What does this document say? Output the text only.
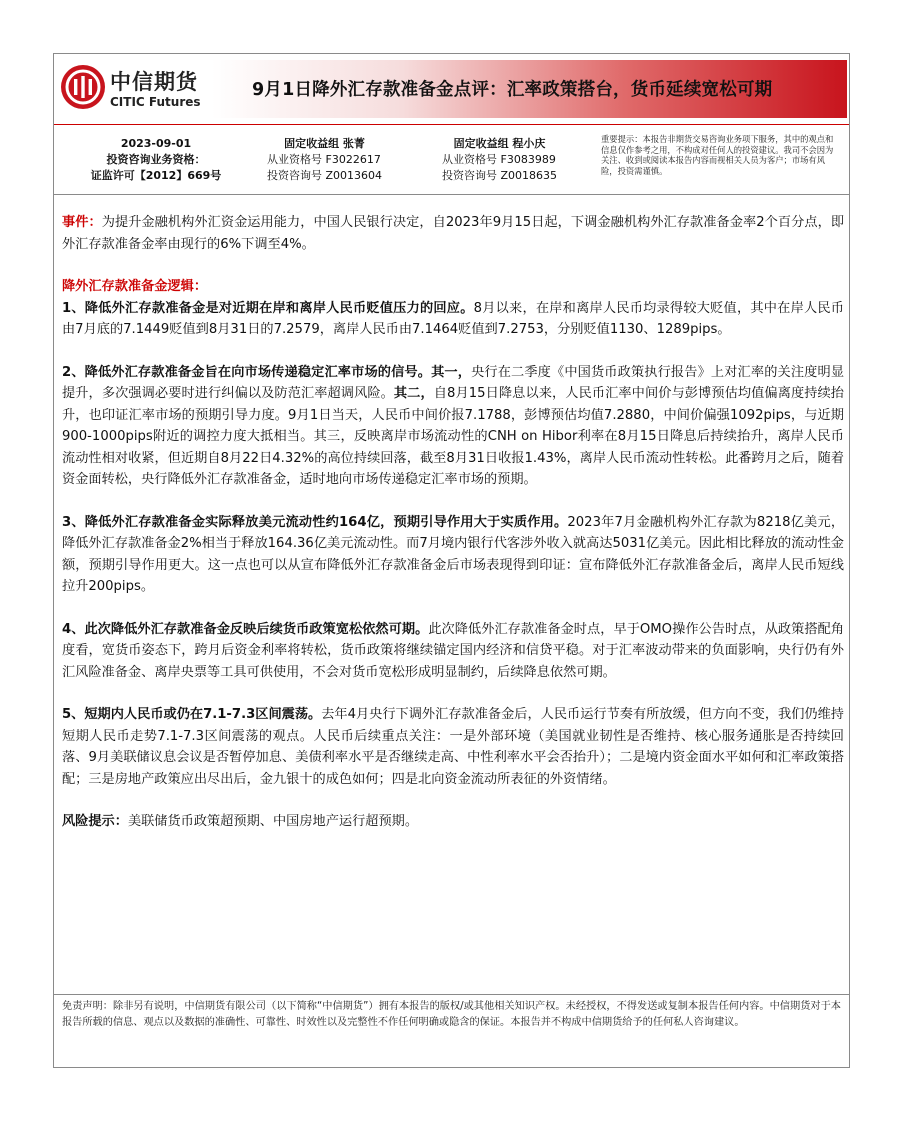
中信期货
CITIC Futures
9月1日降外汇存款准备金点评：汇率政策搭台，货币延续宽松可期
2023-09-01
投资咨询业务资格：
证监许可【2012】669号
固定收益组 张菁
从业资格号 F3022617
投资咨询号 Z0013604
固定收益组 程小庆
从业资格号 F3083989
投资咨询号 Z0018635
重要提示：本报告非期货交易咨询业务项下服务，其中的观点和信息仅作参考之用，不构成对任何人的投资建议。我司不会因为关注、收到或阅读本报告内容而视相关人员为客户；市场有风险，投资需谨慎。

事件：为提升金融机构外汇资金运用能力，中国人民银行决定，自2023年9月15日起，下调金融机构外汇存款准备金率2个百分点，即外汇存款准备金率由现行的6%下调至4%。

降外汇存款准备金逻辑：

1、降低外汇存款准备金是对近期在岸和离岸人民币贬值压力的回应。8月以来，在岸和离岸人民币均录得较大贬值，其中在岸人民币由7月底的7.1449贬值到8月31日的7.2579，离岸人民币由7.1464贬值到7.2753，分别贬值1130、1289pips。

2、降低外汇存款准备金旨在向市场传递稳定汇率市场的信号。其一，央行在二季度《中国货币政策执行报告》上对汇率的关注度明显提升，多次强调必要时进行纠偏以及防范汇率超调风险。其二，自8月15日降息以来，人民币汇率中间价与彭博预估均值偏离度持续抬升，也印证汇率市场的预期引导力度。9月1日当天，人民币中间价报7.1788，彭博预估均值7.2880，中间价偏强1092pips，与近期900-1000pips附近的调控力度大抵相当。其三，反映离岸市场流动性的CNH on Hibor利率在8月15日降息后持续抬升，离岸人民币流动性相对收紧，但近期自8月22日4.32%的高位持续回落，截至8月31日收报1.43%，离岸人民币流动性转松。此番跨月之后，随着资金面转松，央行降低外汇存款准备金，适时地向市场传递稳定汇率市场的预期。

3、降低外汇存款准备金实际释放美元流动性约164亿，预期引导作用大于实质作用。2023年7月金融机构外汇存款为8218亿美元，降低外汇存款准备金2%相当于释放164.36亿美元流动性。而7月境内银行代客涉外收入就高达5031亿美元。因此相比释放的流动性金额，预期引导作用更大。这一点也可以从宣布降低外汇存款准备金后市场表现得到印证：宣布降低外汇存款准备金后，离岸人民币短线拉升200pips。

4、此次降低外汇存款准备金反映后续货币政策宽松依然可期。此次降低外汇存款准备金时点，早于OMO操作公告时点，从政策搭配角度看，宽货币姿态下，跨月后资金利率将转松，货币政策将继续锚定国内经济和信贷平稳。对于汇率波动带来的负面影响，央行仍有外汇风险准备金、离岸央票等工具可供使用，不会对货币宽松形成明显制约，后续降息依然可期。

5、短期内人民币或仍在7.1-7.3区间震荡。去年4月央行下调外汇存款准备金后，人民币运行节奏有所放缓，但方向不变，我们仍维持短期人民币走势7.1-7.3区间震荡的观点。人民币后续重点关注：一是外部环境（美国就业韧性是否维持、核心服务通胀是否持续回落、9月美联储议息会议是否暂停加息、美债利率水平是否继续走高、中性利率水平会否抬升）；二是境内资金面水平如何和汇率政策搭配；三是房地产政策应出尽出后，金九银十的成色如何；四是北向资金流动所表征的外资情绪。

风险提示：美联储货币政策超预期、中国房地产运行超预期。

免责声明：除非另有说明，中信期货有限公司（以下简称“中信期货”）拥有本报告的版权/或其他相关知识产权。未经授权，不得发送或复制本报告任何内容。中信期货对于本报告所载的信息、观点以及数据的准确性、可靠性、时效性以及完整性不作任何明确或隐含的保证。本报告并不构成中信期货给予的任何私人咨询建议。
